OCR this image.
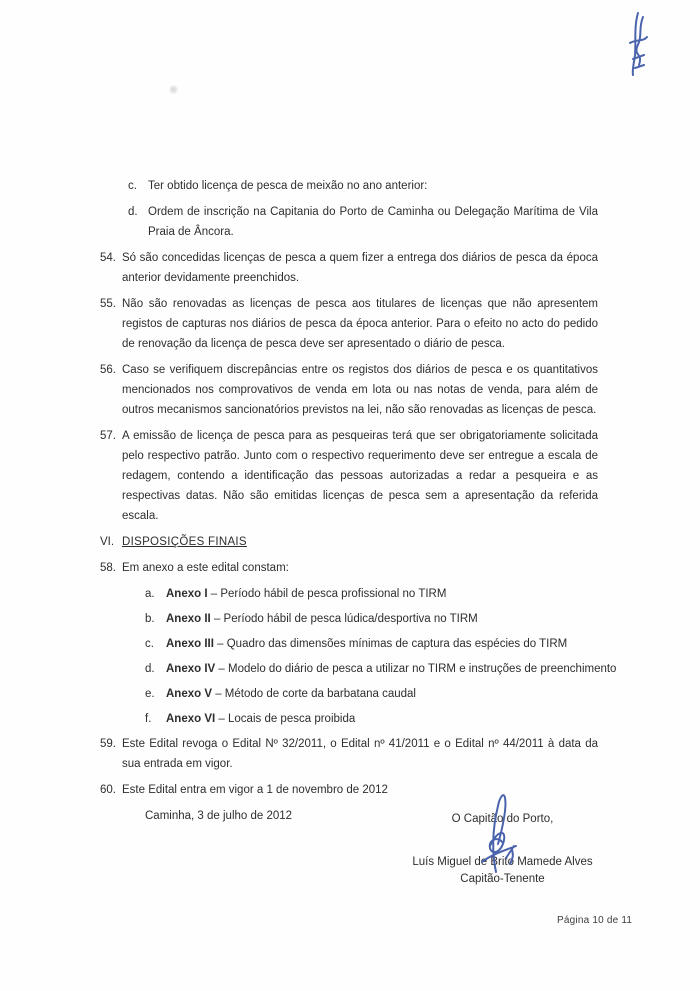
c. Ter obtido licença de pesca de meixão no ano anterior:
d. Ordem de inscrição na Capitania do Porto de Caminha ou Delegação Marítima de Vila Praia de Âncora.
54. Só são concedidas licenças de pesca a quem fizer a entrega dos diários de pesca da época anterior devidamente preenchidos.
55. Não são renovadas as licenças de pesca aos titulares de licenças que não apresentem registos de capturas nos diários de pesca da época anterior. Para o efeito no acto do pedido de renovação da licença de pesca deve ser apresentado o diário de pesca.
56. Caso se verifiquem discrepâncias entre os registos dos diários de pesca e os quantitativos mencionados nos comprovativos de venda em lota ou nas notas de venda, para além de outros mecanismos sancionatórios previstos na lei, não são renovadas as licenças de pesca.
57. A emissão de licença de pesca para as pesqueiras terá que ser obrigatoriamente solicitada pelo respectivo patrão. Junto com o respectivo requerimento deve ser entregue a escala de redagem, contendo a identificação das pessoas autorizadas a redar a pesqueira e as respectivas datas. Não são emitidas licenças de pesca sem a apresentação da referida escala.
VI. DISPOSIÇÕES FINAIS
58. Em anexo a este edital constam:
a. Anexo I – Período hábil de pesca profissional no TIRM
b. Anexo II – Período hábil de pesca lúdica/desportiva no TIRM
c. Anexo III – Quadro das dimensões mínimas de captura das espécies do TIRM
d. Anexo IV – Modelo do diário de pesca a utilizar no TIRM e instruções de preenchimento
e. Anexo V – Método de corte da barbatana caudal
f. Anexo VI – Locais de pesca proibida
59. Este Edital revoga o Edital Nº 32/2011, o Edital nº 41/2011 e o Edital nº 44/2011 à data da sua entrada em vigor.
60. Este Edital entra em vigor a 1 de novembro de 2012
Caminha, 3 de julho de 2012	O Capitão do Porto,
Luís Miguel de Brito Mamede Alves
Capitão-Tenente
Página 10 de 11
